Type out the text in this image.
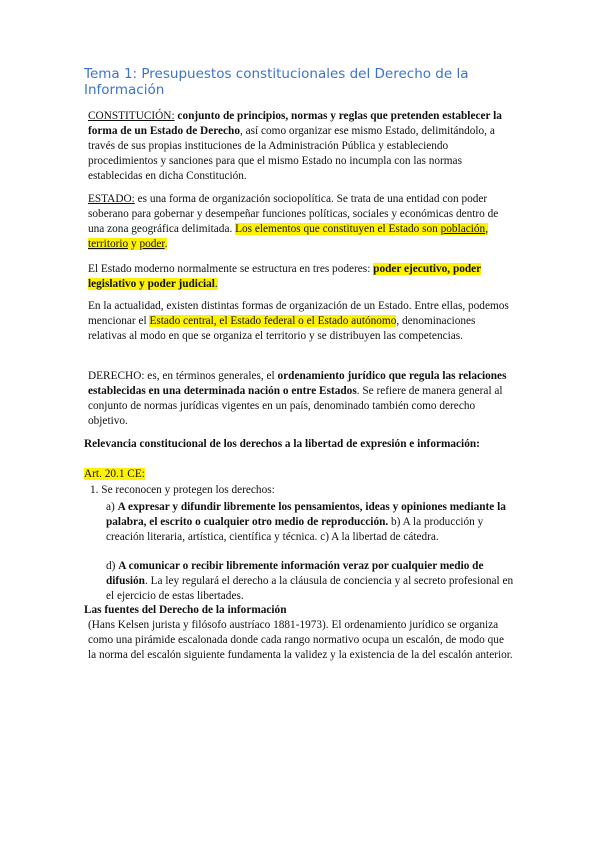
Tema 1: Presupuestos constitucionales del Derecho de la Información

CONSTITUCIÓN: conjunto de principios, normas y reglas que pretenden establecer la forma de un Estado de Derecho, así como organizar ese mismo Estado, delimitándolo, a través de sus propias instituciones de la Administración Pública y estableciendo procedimientos y sanciones para que el mismo Estado no incumpla con las normas establecidas en dicha Constitución.

ESTADO: es una forma de organización sociopolítica. Se trata de una entidad con poder soberano para gobernar y desempeñar funciones políticas, sociales y económicas dentro de una zona geográfica delimitada. Los elementos que constituyen el Estado son población, territorio y poder.

El Estado moderno normalmente se estructura en tres poderes: poder ejecutivo, poder legislativo y poder judicial.

En la actualidad, existen distintas formas de organización de un Estado. Entre ellas, podemos mencionar el Estado central, el Estado federal o el Estado autónomo, denominaciones relativas al modo en que se organiza el territorio y se distribuyen las competencias.

DERECHO: es, en términos generales, el ordenamiento jurídico que regula las relaciones establecidas en una determinada nación o entre Estados. Se refiere de manera general al conjunto de normas jurídicas vigentes en un país, denominado también como derecho objetivo.

Relevancia constitucional de los derechos a la libertad de expresión e información:

Art. 20.1 CE:

1. Se reconocen y protegen los derechos:

a) A expresar y difundir libremente los pensamientos, ideas y opiniones mediante la palabra, el escrito o cualquier otro medio de reproducción. b) A la producción y creación literaria, artística, científica y técnica. c) A la libertad de cátedra.

d) A comunicar o recibir libremente información veraz por cualquier medio de difusión. La ley regulará el derecho a la cláusula de conciencia y al secreto profesional en el ejercicio de estas libertades.

Las fuentes del Derecho de la información

(Hans Kelsen jurista y filósofo austríaco 1881-1973). El ordenamiento jurídico se organiza como una pirámide escalonada donde cada rango normativo ocupa un escalón, de modo que la norma del escalón siguiente fundamenta la validez y la existencia de la del escalón anterior.
